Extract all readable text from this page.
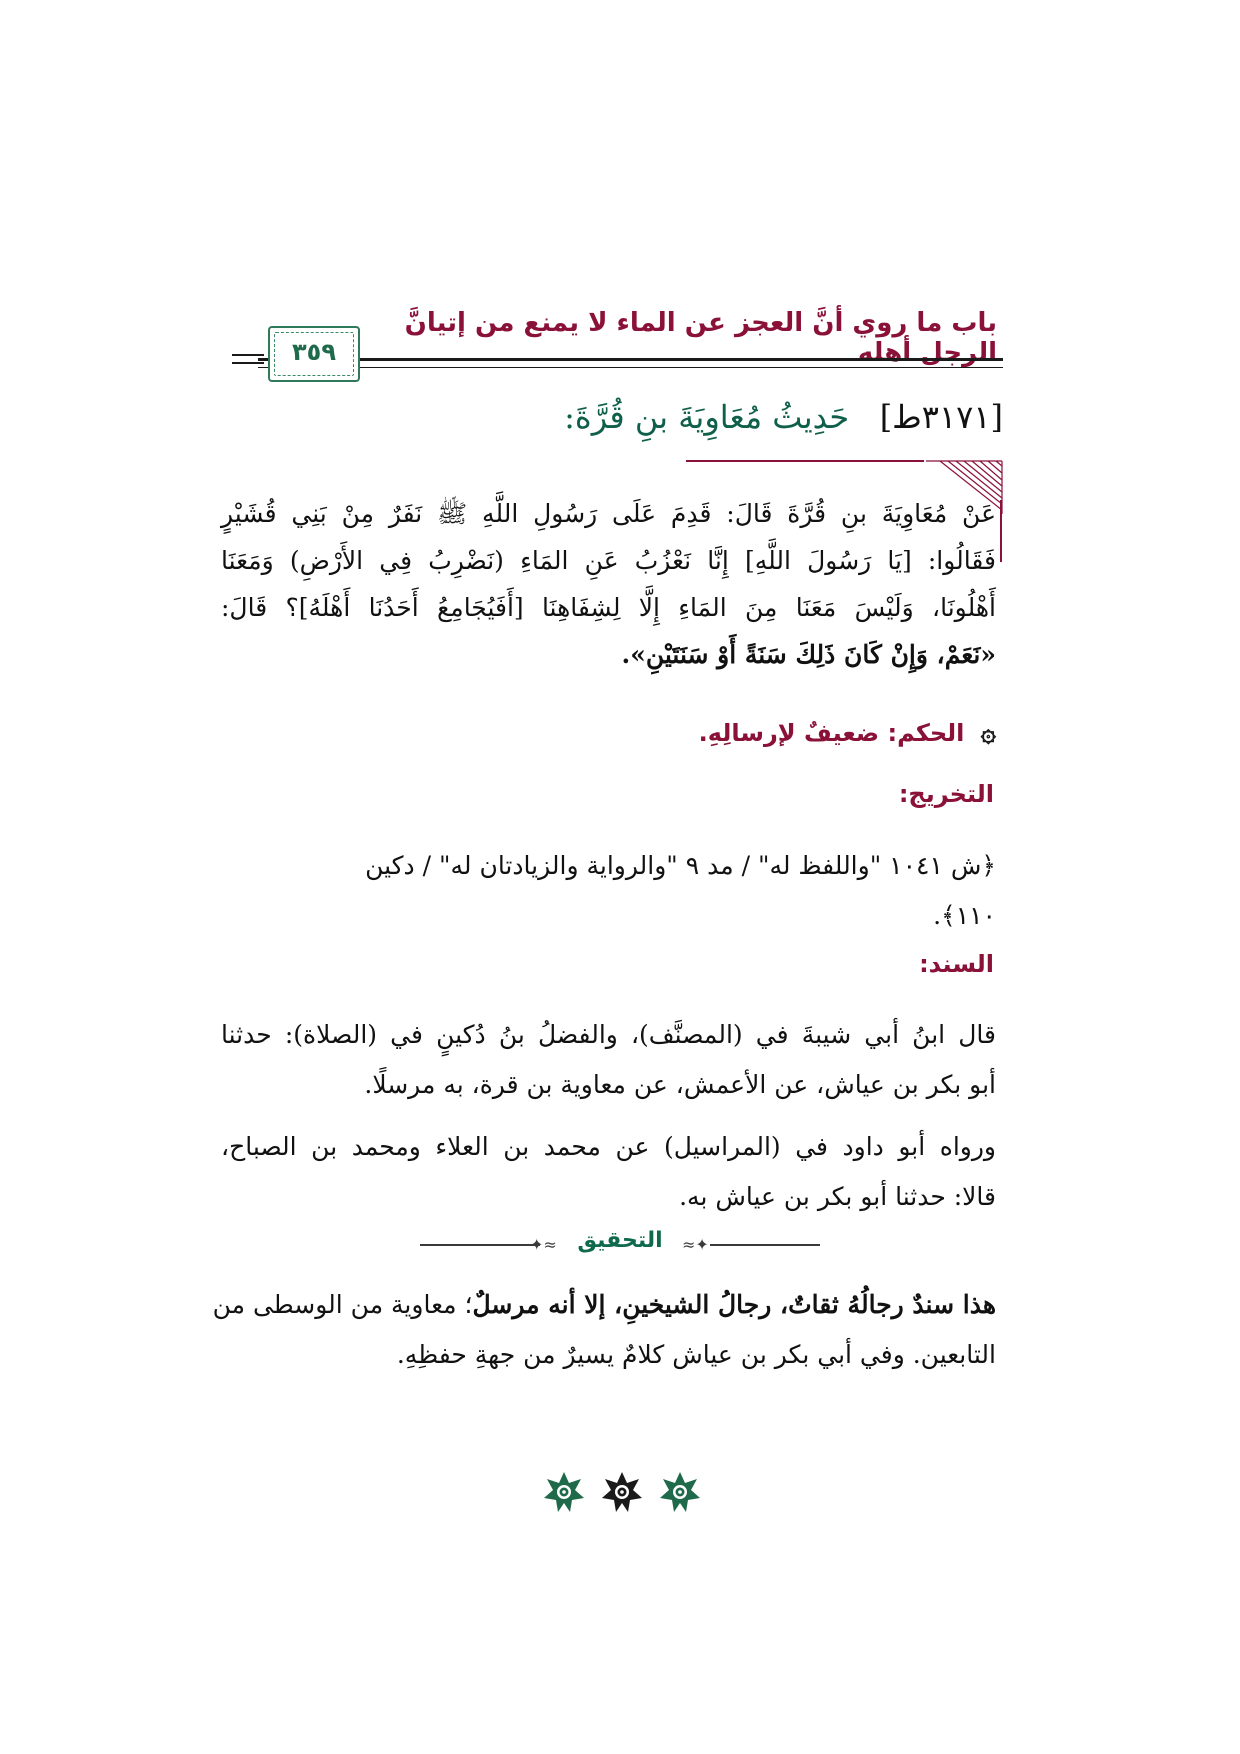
باب ما روي أنَّ العجز عن الماء لا يمنع من إتيانَّ الرجل أهله
٣٥٩
[٣١٧١ط]   حَدِيثُ مُعَاوِيَةَ بنِ قُرَّةَ:
عَنْ مُعَاوِيَةَ بنِ قُرَّةَ قَالَ: قَدِمَ عَلَى رَسُولِ اللَّهِ ﷺ نَفَرٌ مِنْ بَنِي قُشَيْرٍ
فَقَالُوا: [يَا رَسُولَ اللَّهِ] إِنَّا نَعْزُبُ عَنِ المَاءِ (نَضْرِبُ فِي الأَرْضِ) وَمَعَنَا
أَهْلُونَا، وَلَيْسَ مَعَنَا مِنَ المَاءِ إِلَّا لِشِفَاهِنَا [أَفَيُجَامِعُ أَحَدُنَا أَهْلَهُ]؟ قَالَ:
«نَعَمْ، وَإِنْ كَانَ ذَلِكَ سَنَةً أَوْ سَنَتَيْنِ».
۞ الحكم: ضعيفٌ لإرسالِهِ.
التخريج:
﴿ش ١٠٤١ "واللفظ له" / مد ٩ "والرواية والزيادتان له" / دكين
١١٠﴾.
السند:
قال ابنُ أبي شيبةَ في (المصنَّف)، والفضلُ بنُ دُكينٍ في (الصلاة): حدثنا
أبو بكر بن عياش، عن الأعمش، عن معاوية بن قرة، به مرسلًا.
ورواه أبو داود في (المراسيل) عن محمد بن العلاء ومحمد بن الصباح،
قالا: حدثنا أبو بكر بن عياش به.
≈✦ التحقيق	✦≈
هذا سندٌ رجالُهُ ثقاتٌ، رجالُ الشيخينِ، إلا أنه مرسلٌ؛ معاوية من الوسطى من
التابعين. وفي أبي بكر بن عياش كلامٌ يسيرٌ من جهةِ حفظِهِ.
